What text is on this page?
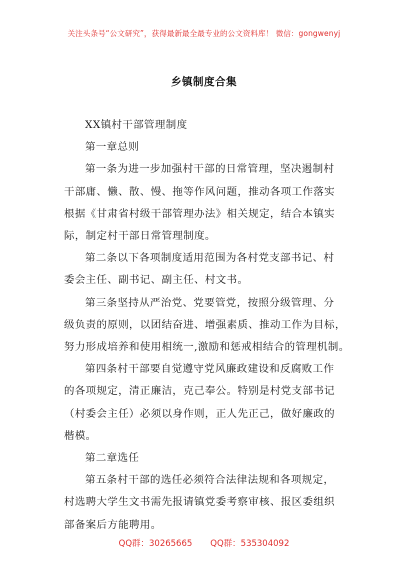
关注头条号“公文研究”，获得最新最全最专业的公文资料库！ 微信：gongwenyj
乡镇制度合集
XX镇村干部管理制度
第一章总则
第一条为进一步加强村干部的日常管理，坚决遏制村
干部庸、懒、散、慢、拖等作风问题，推动各项工作落实
根据《甘肃省村级干部管理办法》相关规定，结合本镇实
际，制定村干部日常管理制度。
第二条以下各项制度适用范围为各村党支部书记、村
委会主任、副书记、副主任、村文书。
第三条坚持从严治党、党要管党，按照分级管理、分
级负责的原则，以团结奋进、增强素质、推动工作为目标，
努力形成培养和使用相统一,激励和惩戒相结合的管理机制。
第四条村干部要自觉遵守党风廉政建设和反腐败工作
的各项规定，清正廉洁，克己奉公。特别是村党支部书记
（村委会主任）必须以身作则，正人先正己，做好廉政的
楷模。
第二章选任
第五条村干部的选任必须符合法律法规和各项规定，
村选聘大学生文书需先报请镇党委考察审核、报区委组织
部备案后方能聘用。
QQ群：30265665 QQ群：535304092
